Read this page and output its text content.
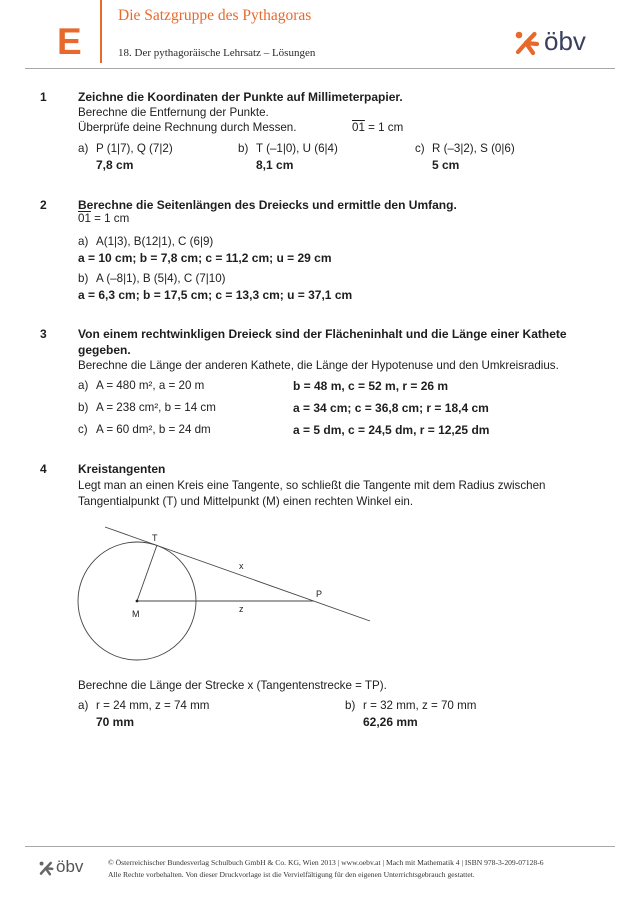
E
Die Satzgruppe des Pythagoras
18. Der pythagoräische Lehrsatz – Lösungen	öbv
1	Zeichne die Koordinaten der Punkte auf Millimeterpapier.
Berechne die Entfernung der Punkte.
Überprüfe deine Rechnung durch Messen.	01 = 1 cm
a) P (1|7), Q (7|2)
7,8 cm
b) T (–1|0), U (6|4)
8,1 cm
c) R (–3|2), S (0|6)
5 cm
2	Berechne die Seitenlängen des Dreiecks und ermittle den Umfang.
01 = 1 cm
a) A(1|3), B(12|1), C (6|9)
a = 10 cm; b = 7,8 cm; c = 11,2 cm; u = 29 cm
b) A (–8|1), B (5|4), C (7|10)
a = 6,3 cm; b = 17,5 cm; c = 13,3 cm; u = 37,1 cm
3	Von einem rechtwinkligen Dreieck sind der Flächeninhalt und die Länge einer Kathete gegeben.
Berechne die Länge der anderen Kathete, die Länge der Hypotenuse und den Umkreisradius.
a) A = 480 m², a = 20 m	b = 48 m, c = 52 m, r = 26 m
b) A = 238 cm², b = 14 cm	a = 34 cm; c = 36,8 cm; r = 18,4 cm
c) A = 60 dm², b = 24 dm	a = 5 dm, c = 24,5 dm, r = 12,25 dm
4	Kreistangenten
Legt man an einen Kreis eine Tangente, so schließt die Tangente mit dem Radius zwischen Tangentialpunkt (T) und Mittelpunkt (M) einen rechten Winkel ein.
T
M
P
x
z
Berechne die Länge der Strecke x (Tangentenstrecke = TP).
a) r = 24 mm, z = 74 mm
70 mm
b) r = 32 mm, z = 70 mm
62,26 mm
öbv	© Österreichischer Bundesverlag Schulbuch GmbH & Co. KG, Wien 2013 | www.oebv.at | Mach mit Mathematik 4 | ISBN 978-3-209-07128-6
Alle Rechte vorbehalten. Von dieser Druckvorlage ist die Vervielfältigung für den eigenen Unterrichtsgebrauch gestattet.
